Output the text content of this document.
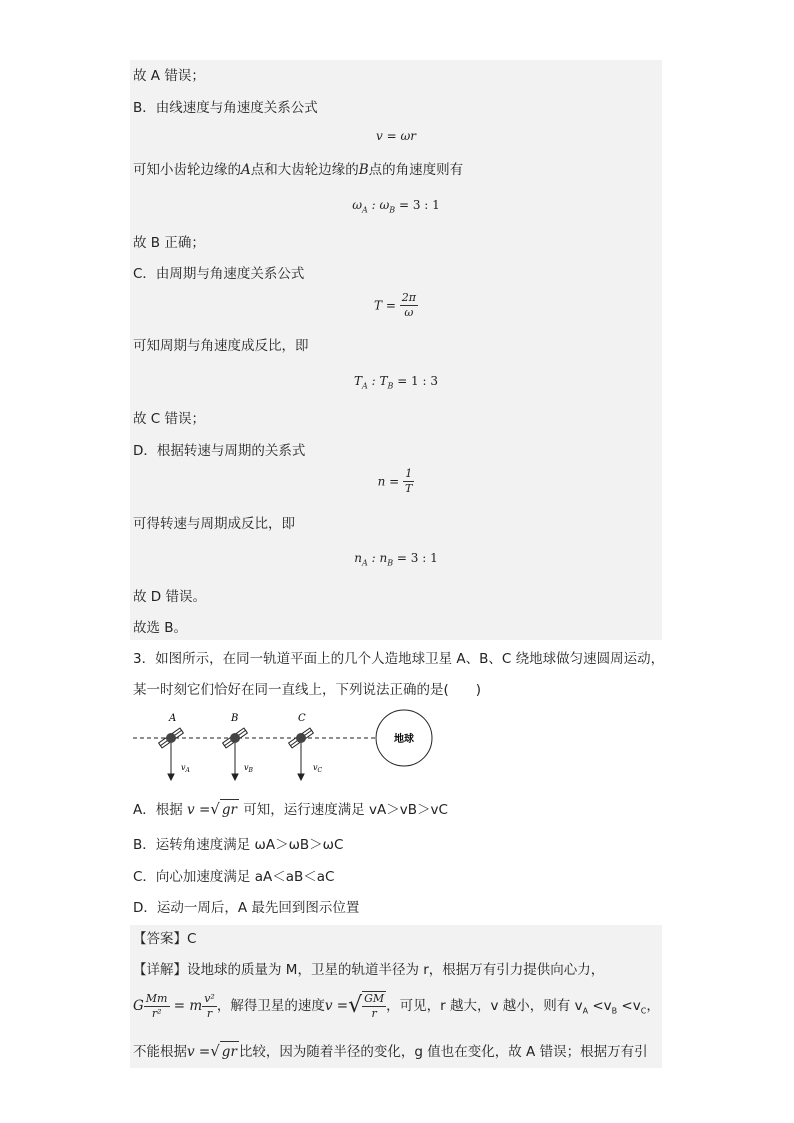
故 A 错误；
B．由线速度与角速度关系公式
v = ωr
可知小齿轮边缘的A点和大齿轮边缘的B点的角速度则有
$\omega_A$ : $\omega_B = 3$ : 1
故 B 正确；
C．由周期与角速度关系公式
$T = \frac{2\pi}{\omega}$
可知周期与角速度成反比，即
$T_A$ : $T_B = 1$ : 3
故 C 错误；
D．根据转速与周期的关系式
$n = \frac{1}{T}$
可得转速与周期成反比，即
$n_A$ : $n_B = 3$ : 1
故 D 错误。
故选 B。
3．如图所示，在同一轨道平面上的几个人造地球卫星 A、B、C 绕地球做匀速圆周运动，
某一时刻它们恰好在同一直线上，下列说法正确的是(　　)
A	B	C
$v_A$	$v_B$	$v_C$
地球
A．根据 v =√ gr 可知，运行速度满足 vA＞vB＞vC
B．运转角速度满足 ωA＞ωB＞ωC
C．向心加速度满足 aA＜aB＜aC
D．运动一周后，A 最先回到图示位置
【答案】C
【详解】设地球的质量为 M，卫星的轨道半径为 r，根据万有引力提供向心力，
G $\frac{Mm}{\text{r²}} = m \frac{\text{v²}}{r}$ ，解得卫星的速度v =√ $\frac{GM}{r}$ ，可见，r 越大，v 越小，则有 $v_A <v_B <v_C$，
不能根据v =√ gr 比较，因为随着半径的变化，g 值也在变化，故 A 错误；根据万有引
